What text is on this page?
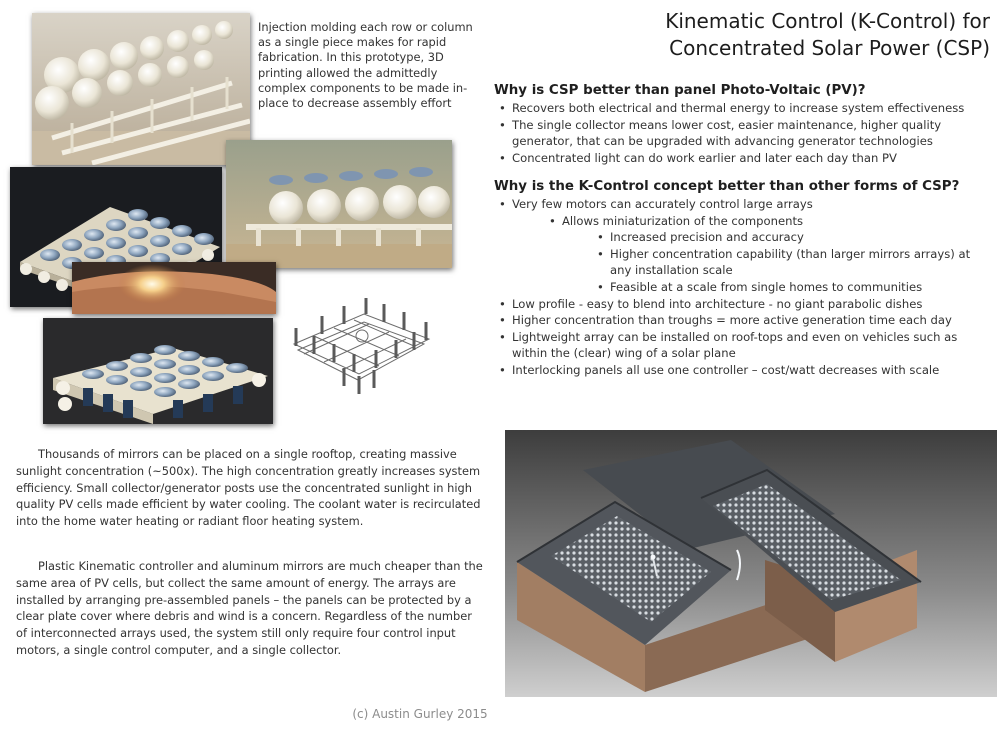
Kinematic Control (K-Control) for
Concentrated Solar Power (CSP)
Injection molding each row or column as a single piece makes for rapid fabrication. In this prototype, 3D printing allowed the admittedly complex components to be made in-place to decrease assembly effort
Why is CSP better than panel Photo-Voltaic (PV)?
• Recovers both electrical and thermal energy to increase system effectiveness
• The single collector means lower cost, easier maintenance, higher quality generator, that can be upgraded with advancing generator technologies
• Concentrated light can do work earlier and later each day than PV
Why is the K-Control concept better than other forms of CSP?
• Very few motors can accurately control large arrays
• Allows miniaturization of the components
• Increased precision and accuracy
• Higher concentration capability (than larger mirrors arrays) at any installation scale
• Feasible at a scale from single homes to communities
• Low profile - easy to blend into architecture - no giant parabolic dishes
• Higher concentration than troughs = more active generation time each day
• Lightweight array can be installed on roof-tops and even on vehicles such as within the (clear) wing of a solar plane
• Interlocking panels all use one controller – cost/watt decreases with scale

Thousands of mirrors can be placed on a single rooftop, creating massive sunlight concentration (~500x). The high concentration greatly increases system efficiency. Small collector/generator posts use the concentrated sunlight in high quality PV cells made efficient by water cooling. The coolant water is recirculated into the home water heating or radiant floor heating system.

Plastic Kinematic controller and aluminum mirrors are much cheaper than the same area of PV cells, but collect the same amount of energy. The arrays are installed by arranging pre-assembled panels – the panels can be protected by a clear plate cover where debris and wind is a concern. Regardless of the number of interconnected arrays used, the system still only require four control input motors, a single control computer, and a single collector.

(c) Austin Gurley 2015
